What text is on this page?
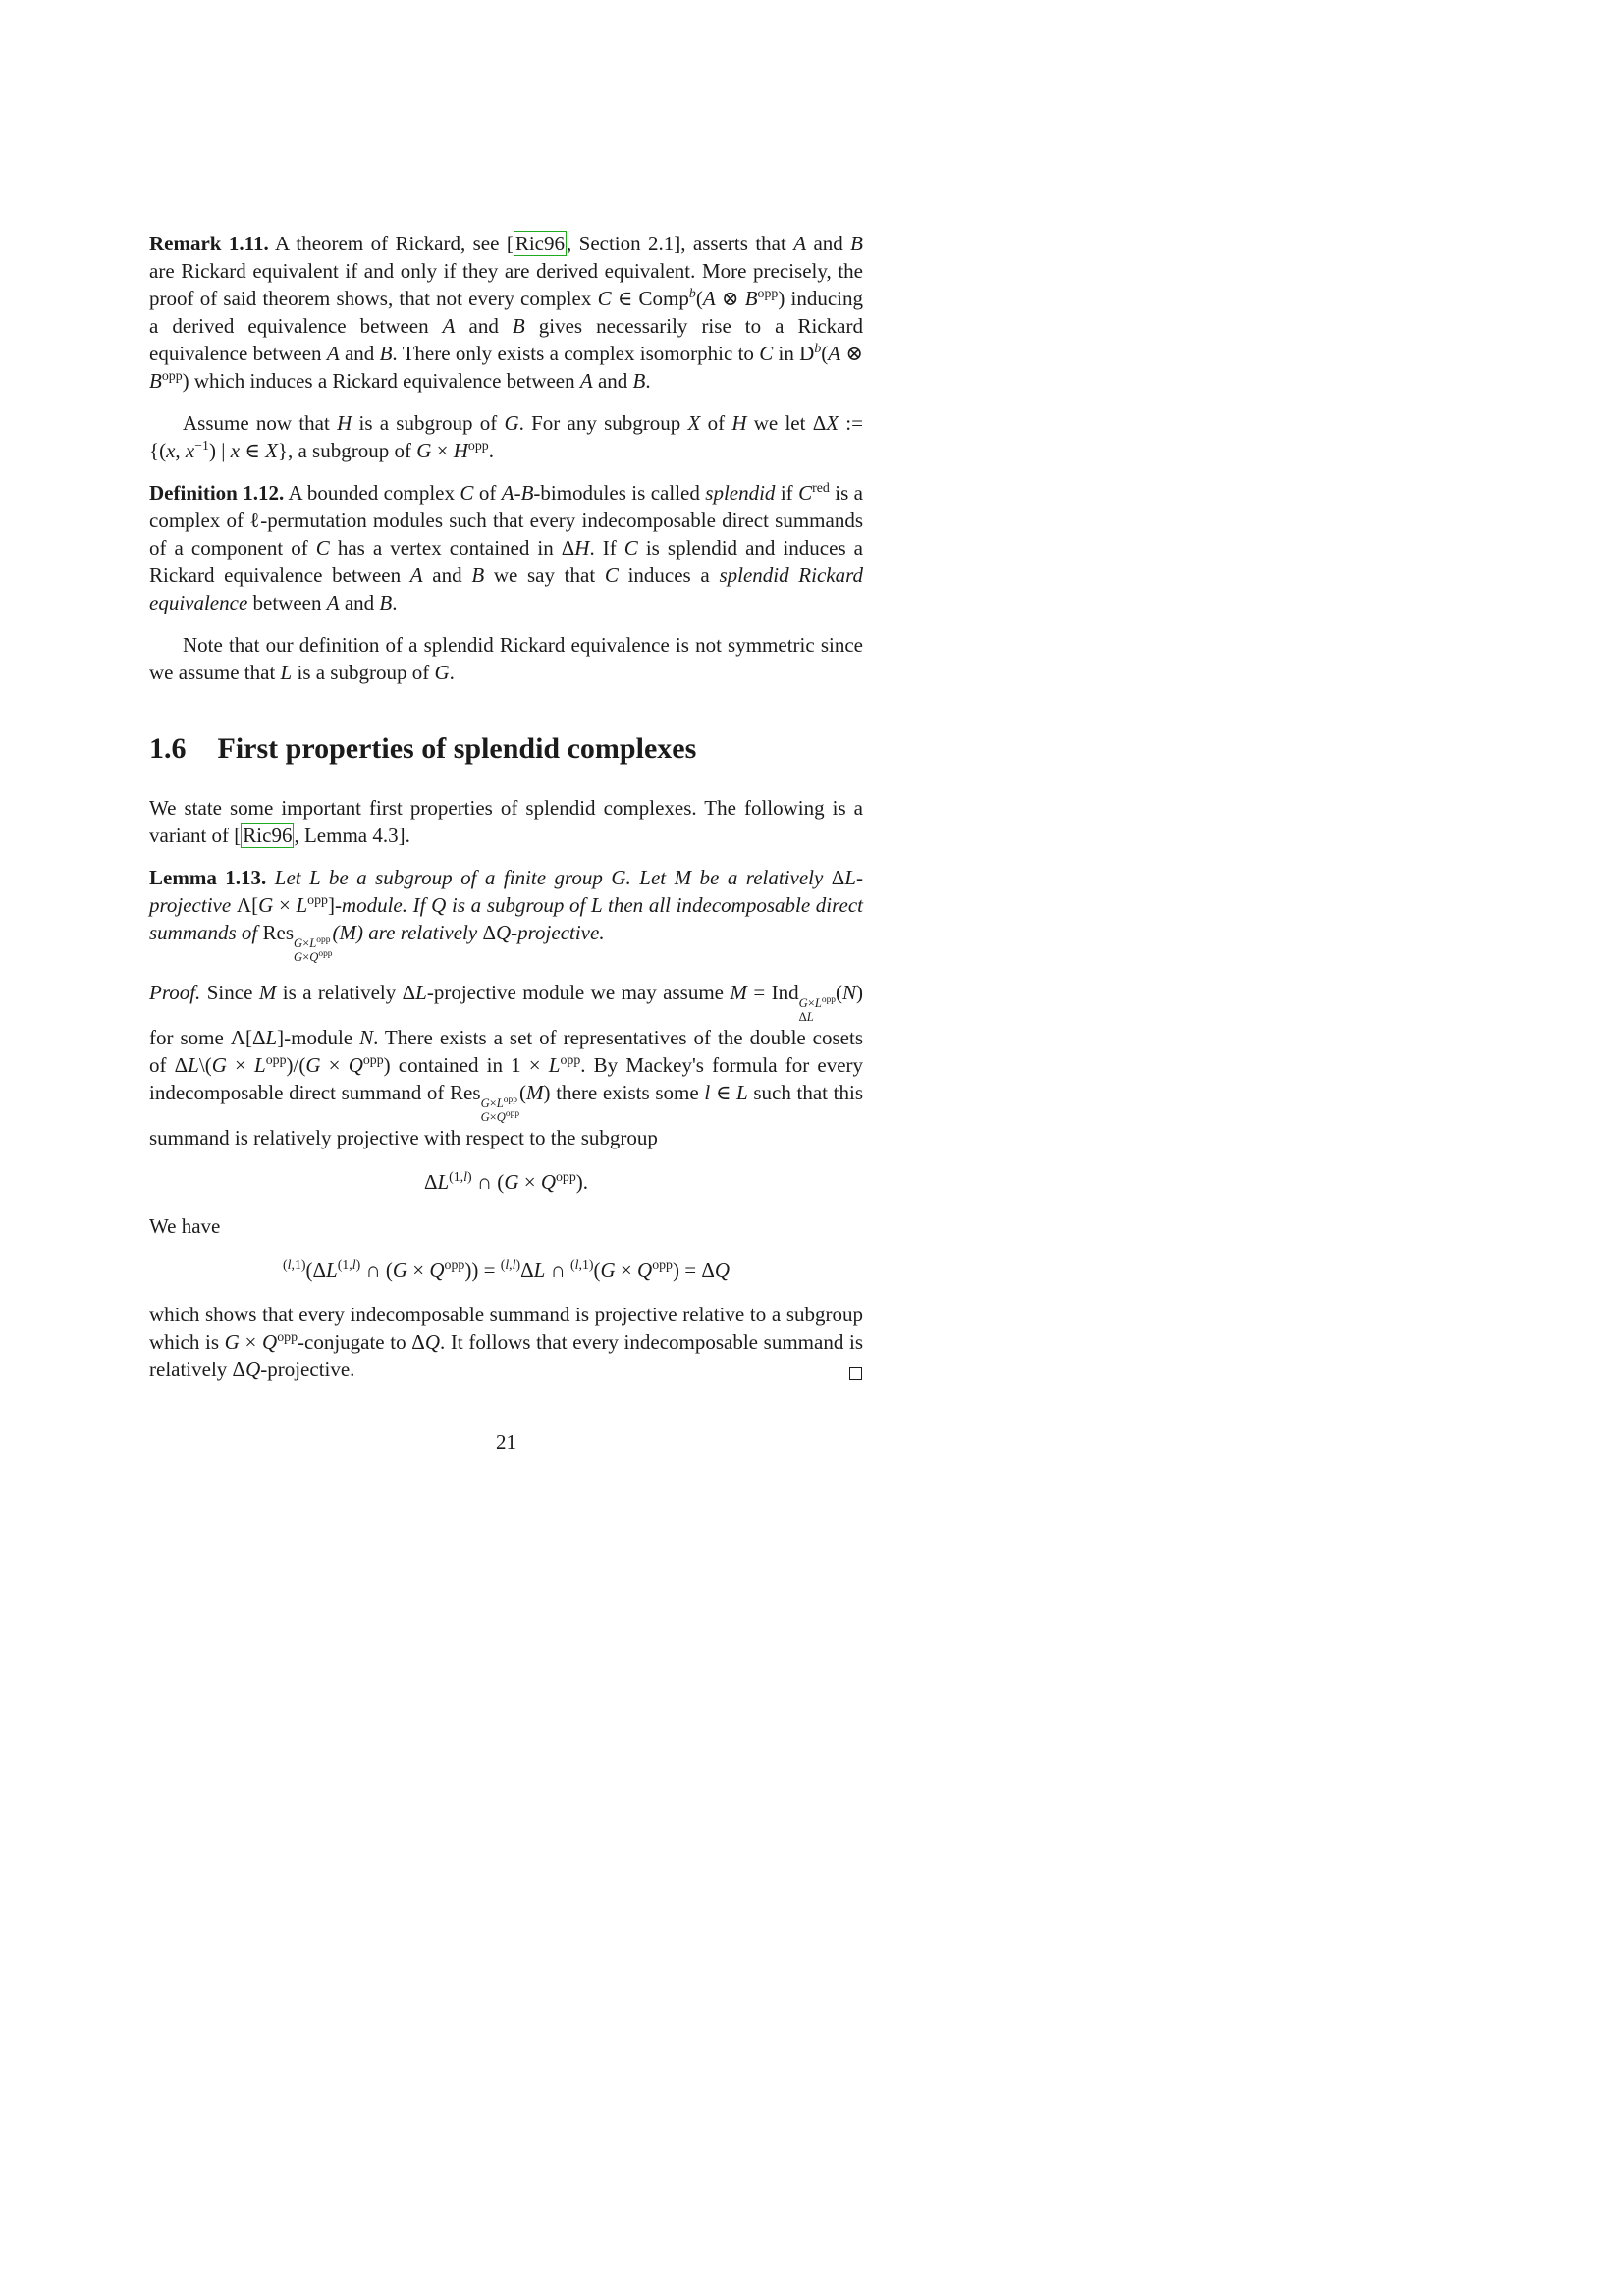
Remark 1.11. A theorem of Rickard, see [Ric96, Section 2.1], asserts that A and B are Rickard equivalent if and only if they are derived equivalent. More precisely, the proof of said theorem shows, that not every complex C ∈ Comp$^b$(A ⊗ $B^{opp}$) inducing a derived equivalence between A and B gives necessarily rise to a Rickard equivalence between A and B. There only exists a complex isomorphic to C in $D^b(A$ ⊗ $B^{opp}$) which induces a Rickard equivalence between A and B.

Assume now that H is a subgroup of G. For any subgroup X of H we let ΔX := {(x, $x^{-1}$) | x ∈ X}, a subgroup of $G \times H^{opp}$.

Definition 1.12. A bounded complex C of A-B-bimodules is called splendid if $C^{red}$ is a complex of ℓ-permutation modules such that every indecomposable direct summands of a component of C has a vertex contained in ΔH. If C is splendid and induces a Rickard equivalence between A and B we say that C induces a splendid Rickard equivalence between A and B.

Note that our definition of a splendid Rickard equivalence is not symmetric since we assume that L is a subgroup of G.

1.6 First properties of splendid complexes

We state some important first properties of splendid complexes. The following is a variant of [Ric96, Lemma 4.3].

Lemma 1.13. Let L be a subgroup of a finite group G. Let M be a relatively ΔL-projective $\Lambda[G \times L^{opp}]$-module. If Q is a subgroup of L then all indecomposable direct summands of Res $G\times L^{opp}$
$G\times Q^{opp}$
(M) are relatively ΔQ-projective.

Proof. Since M is a relatively ΔL-projective module we may assume M = Ind $G\times L^{opp}$
ΔL
(N) for some Λ[ΔL]-module N. There exists a set of representatives of the double cosets of ΔL\(G × $L^{opp})/(G \times Q^{opp})$ contained in $1 \times L^{opp}$. By Mackey's formula for every indecomposable direct summand of Res $G\times L^{opp}$
$G\times Q^{opp}$
(M) there exists some l ∈ L such that this summand is relatively projective with respect to the subgroup

ΔL$^{(1,l)}$ ∩ $(G \times Q^{opp})$.

We have

$^{(l,1)}$(ΔL$^{(1,l)}$ ∩ $(G \times Q^{opp})) = ^{(l,l)}\Delta L$ ∩ $^{(l,1)}(G \times Q^{opp}) = \Delta Q$

which shows that every indecomposable summand is projective relative to a subgroup which is $G \times Q^{opp}$-conjugate to ΔQ. It follows that every indecomposable summand is relatively ΔQ-projective.

21
